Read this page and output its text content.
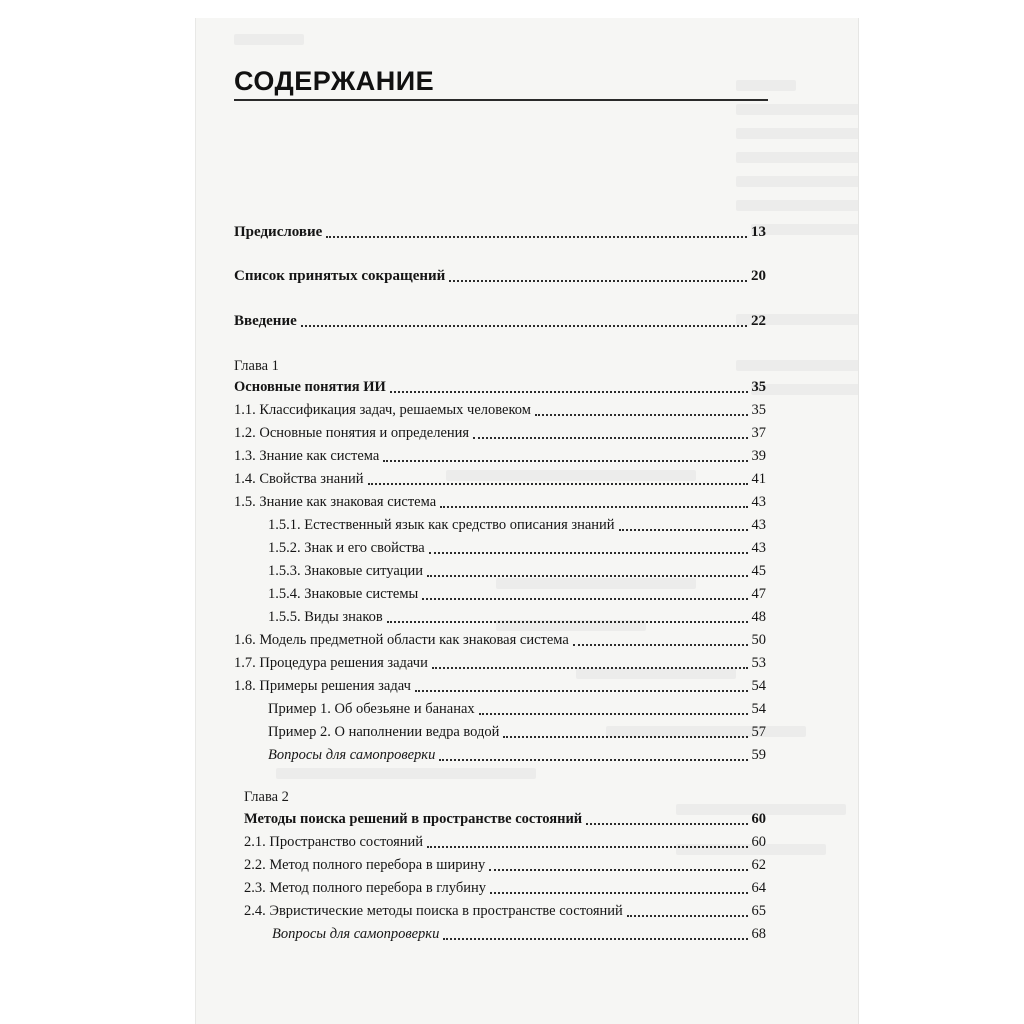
СОДЕРЖАНИЕ
Предисловие	13
Список принятых сокращений	20
Введение	22
Глава 1
Основные понятия ИИ	35
1.1. Классификация задач, решаемых человеком	35
1.2. Основные понятия и определения	37
1.3. Знание как система	39
1.4. Свойства знаний	41
1.5. Знание как знаковая система	43
1.5.1. Естественный язык как средство описания знаний	43
1.5.2. Знак и его свойства	43
1.5.3. Знаковые ситуации	45
1.5.4. Знаковые системы	47
1.5.5. Виды знаков	48
1.6. Модель предметной области как знаковая система	50
1.7. Процедура решения задачи	53
1.8. Примеры решения задач	54
Пример 1. Об обезьяне и бананах	54
Пример 2. О наполнении ведра водой	57
Вопросы для самопроверки	59
Глава 2
Методы поиска решений в пространстве состояний	60
2.1. Пространство состояний	60
2.2. Метод полного перебора в ширину	62
2.3. Метод полного перебора в глубину	64
2.4. Эвристические методы поиска в пространстве состояний	65
Вопросы для самопроверки	68
